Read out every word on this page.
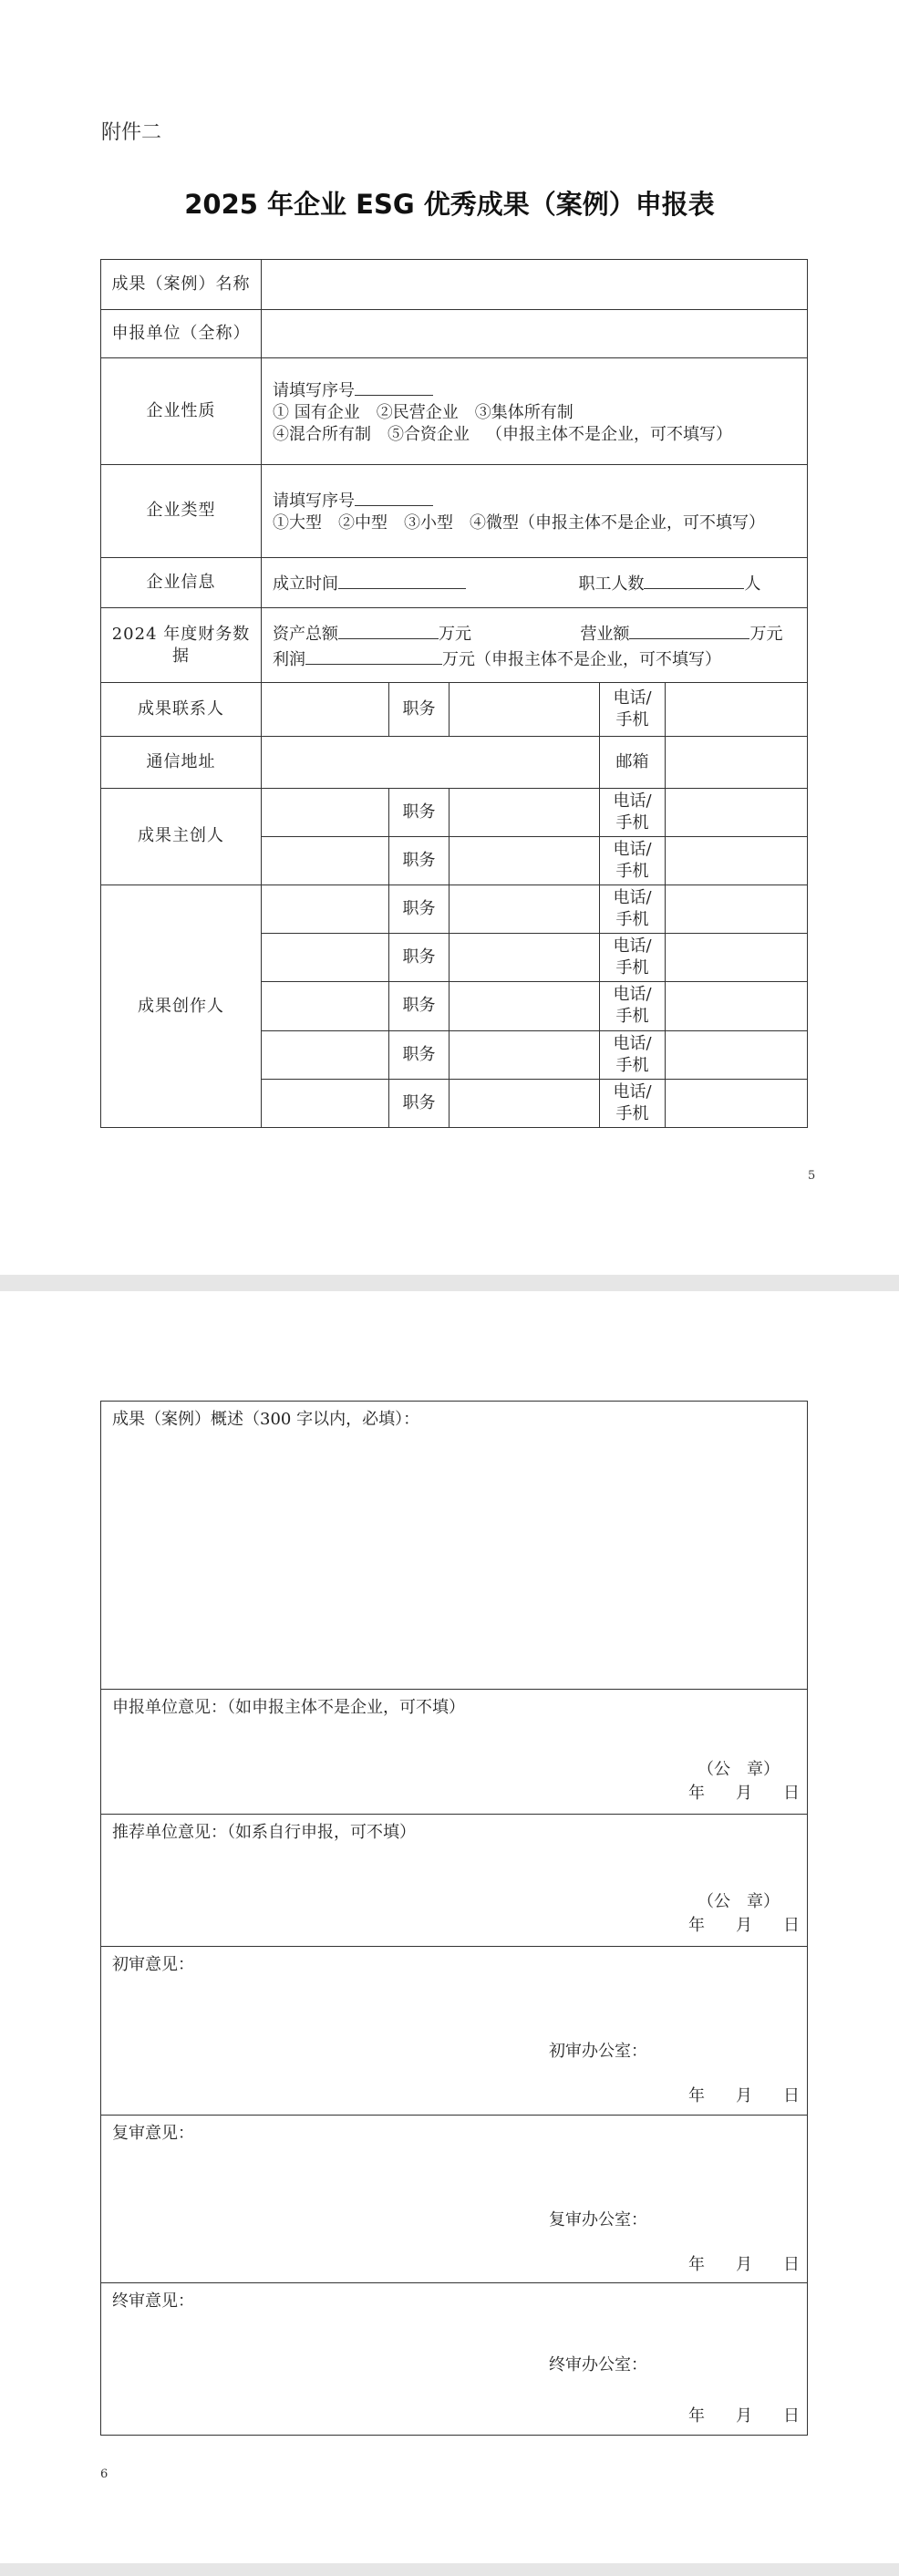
附件二
2025 年企业 ESG 优秀成果（案例）申报表
成果（案例）名称					
申报单位（全称）					
企业性质	请填写序号
① 国有企业 ②民营企业 ③集体所有制
④混合所有制 ⑤合资企业 （申报主体不是企业，可不填写）				

企业类型	请填写序号
①大型 ②中型 ③小型 ④微型（申报主体不是企业，可不填写）				

企业信息	成立时间 职工人数 人				
2024 年度财务数据	资产总额 万元 营业额 万元
利润 万元（申报主体不是企业，可不填写）				

成果联系人		职务		电话/手机	
通信地址				邮箱	
成果主创人		职务		电话/手机	
		职务		电话/手机	
成果创作人		职务		电话/手机	
		职务		电话/手机	
		职务		电话/手机	
		职务		电话/手机	
		职务		电话/手机	
5
成果（案例）概述（300 字以内，必填）：

申报单位意见：（如申报主体不是企业，可不填）
（公　章）
年 月 日

推荐单位意见：（如系自行申报，可不填）
（公　章）
年 月 日

初审意见：
初审办公室：
年 月 日

复审意见：
复审办公室：
年 月 日

终审意见：
终审办公室：
年 月 日
6
